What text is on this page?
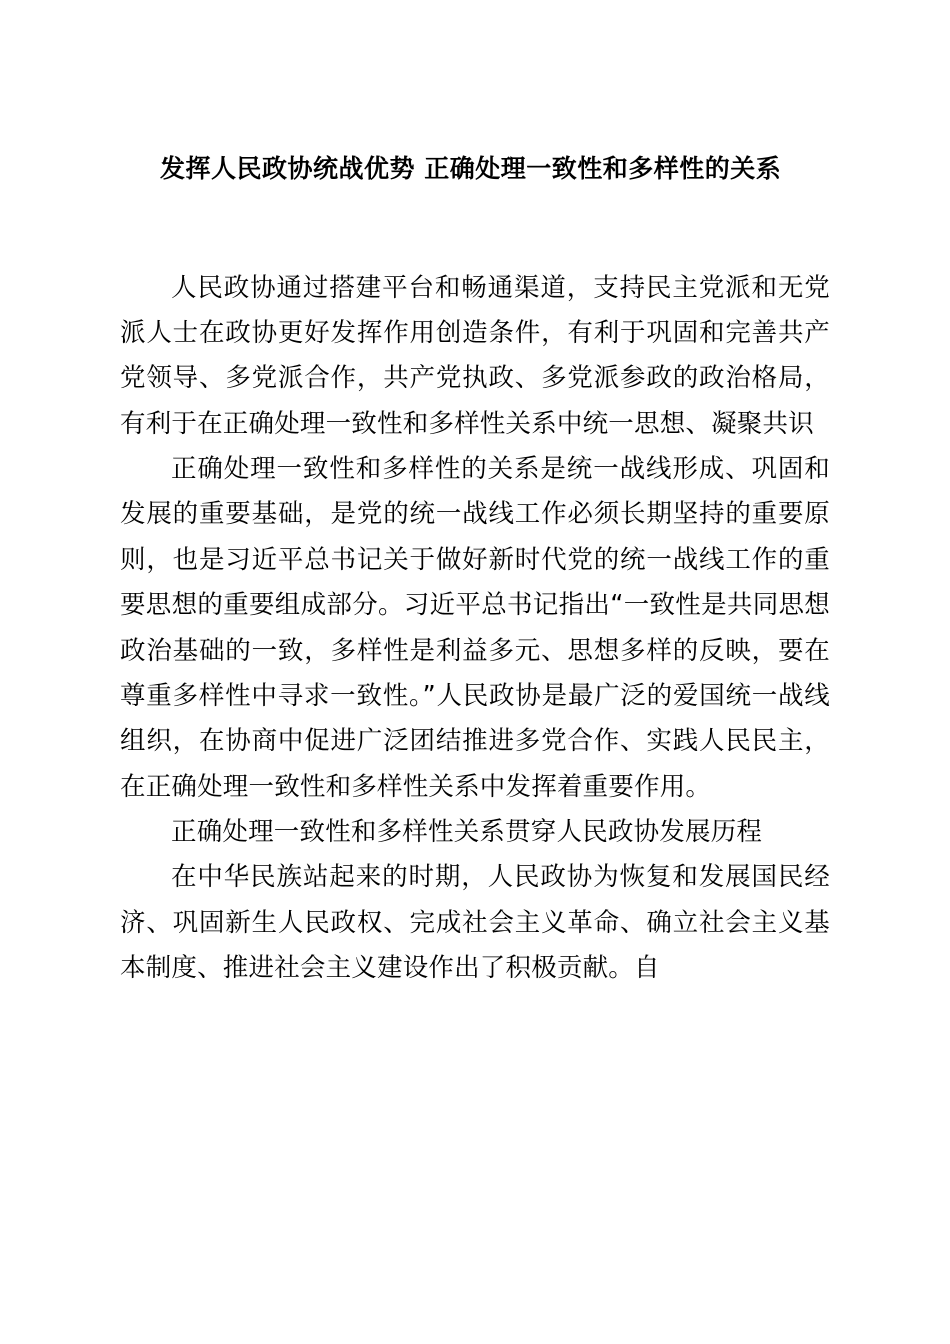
发挥人民政协统战优势 正确处理一致性和多样性的关系

人民政协通过搭建平台和畅通渠道，支持民主党派和无党派人士在政协更好发挥作用创造条件，有利于巩固和完善共产党领导、多党派合作，共产党执政、多党派参政的政治格局，有利于在正确处理一致性和多样性关系中统一思想、凝聚共识

正确处理一致性和多样性的关系是统一战线形成、巩固和发展的重要基础，是党的统一战线工作必须长期坚持的重要原则，也是习近平总书记关于做好新时代党的统一战线工作的重要思想的重要组成部分。习近平总书记指出“一致性是共同思想政治基础的一致，多样性是利益多元、思想多样的反映，要在尊重多样性中寻求一致性。”人民政协是最广泛的爱国统一战线组织，在协商中促进广泛团结推进多党合作、实践人民民主，在正确处理一致性和多样性关系中发挥着重要作用。

正确处理一致性和多样性关系贯穿人民政协发展历程

在中华民族站起来的时期，人民政协为恢复和发展国民经济、巩固新生人民政权、完成社会主义革命、确立社会主义基本制度、推进社会主义建设作出了积极贡献。自
